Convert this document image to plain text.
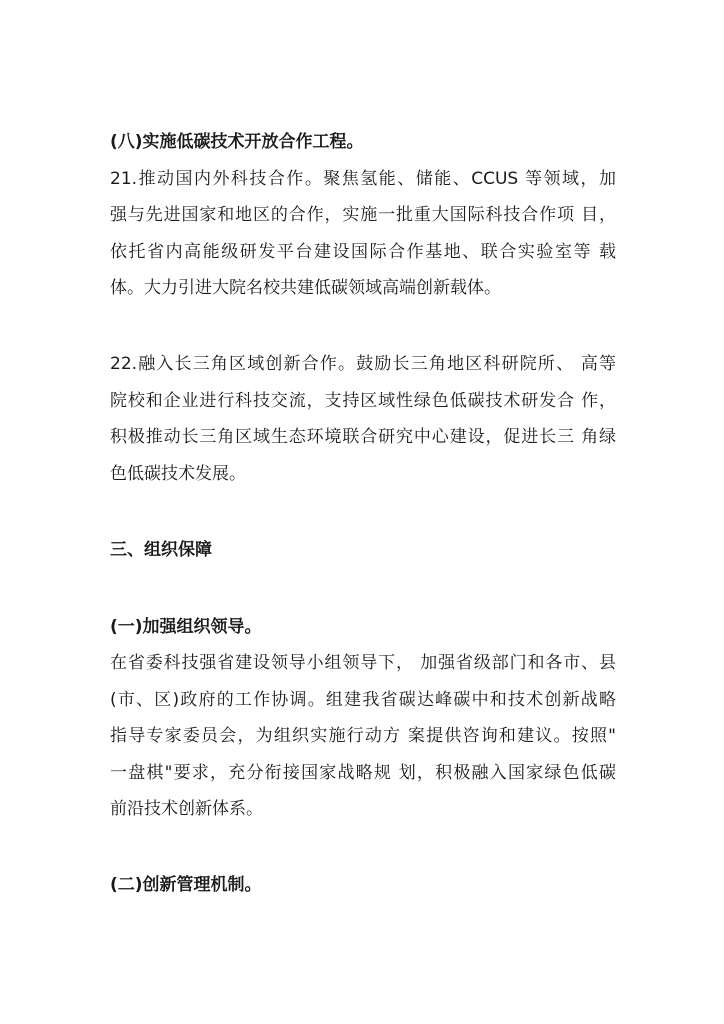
(八)实施低碳技术开放合作工程。
21.推动国内外科技合作。聚焦氢能、储能、CCUS 等领域，加
强与先进国家和地区的合作，实施一批重大国际科技合作项 目，
依托省内高能级研发平台建设国际合作基地、联合实验室等 载
体。大力引进大院名校共建低碳领域高端创新载体。
22.融入长三角区域创新合作。鼓励长三角地区科研院所、 高等
院校和企业进行科技交流，支持区域性绿色低碳技术研发合 作，
积极推动长三角区域生态环境联合研究中心建设，促进长三 角绿
色低碳技术发展。
三、组织保障
(一)加强组织领导。
在省委科技强省建设领导小组领导下， 加强省级部门和各市、县
(市、区)政府的工作协调。组建我省碳达峰碳中和技术创新战略
指导专家委员会，为组织实施行动方 案提供咨询和建议。按照"
一盘棋"要求，充分衔接国家战略规 划，积极融入国家绿色低碳
前沿技术创新体系。
(二)创新管理机制。
